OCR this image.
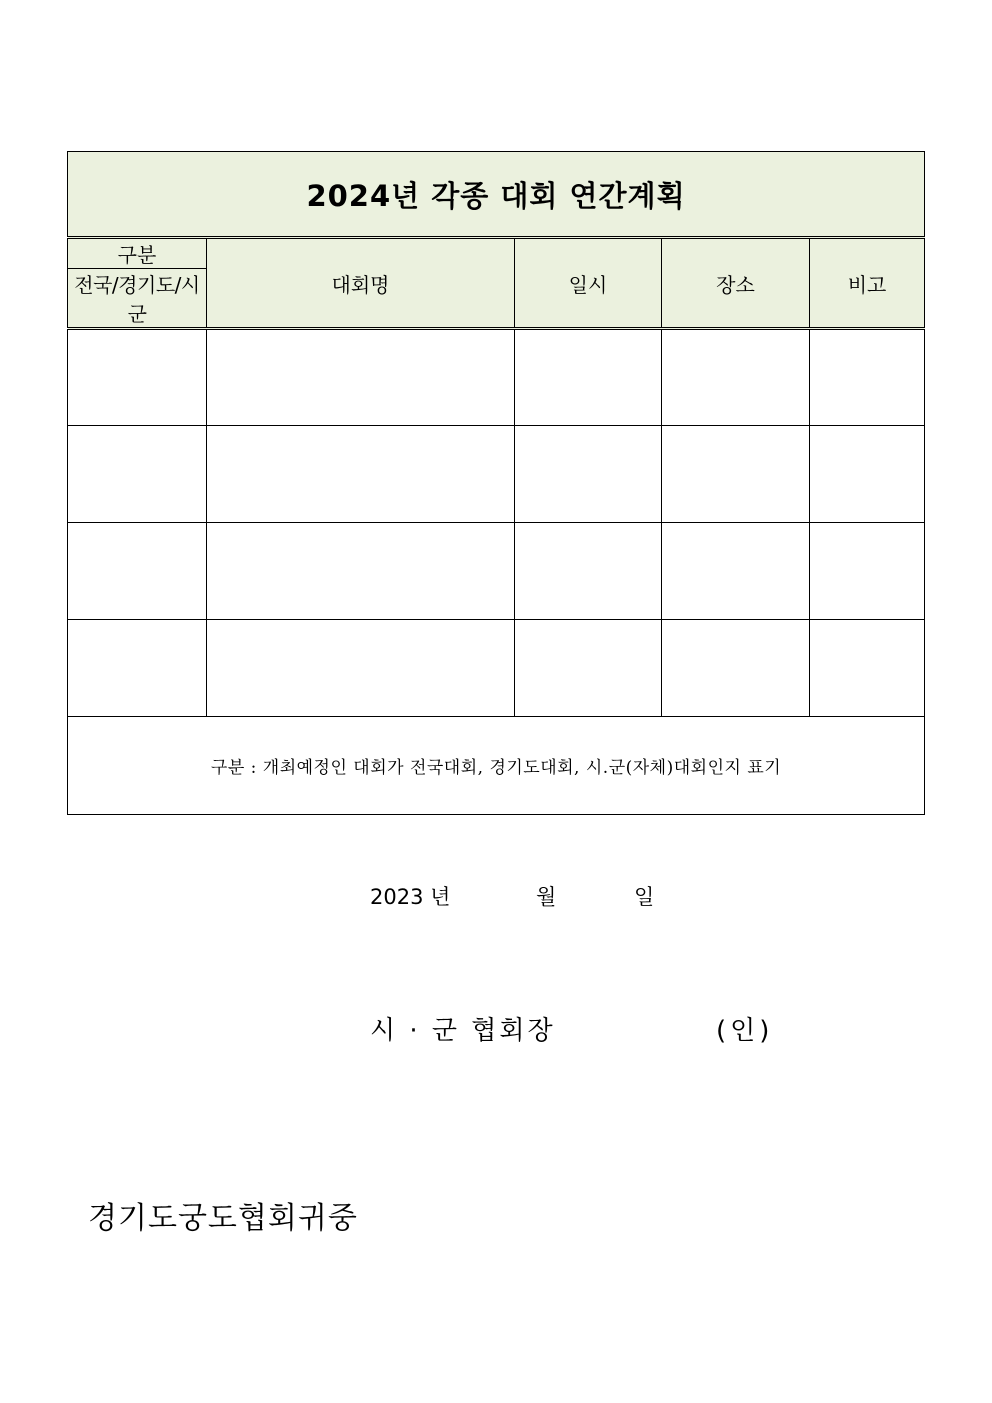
2024년 각종 대회 연간계획				
구분	대회명	일시	장소	비고
전국/경기도/시군				

구분 : 개최예정인 대회가 전국대회, 경기도대회, 시.군(자체)대회인지 표기				
2023 년	월	일
시 · 군 협회장	(인)
경기도궁도협회귀중
